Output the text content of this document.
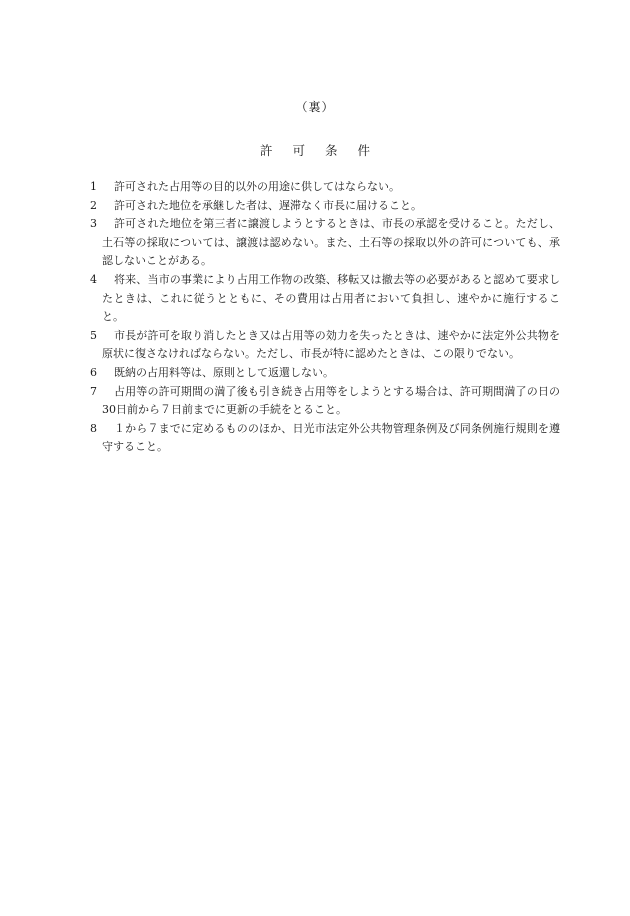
（裏）
許可条件
1	許可された占用等の目的以外の用途に供してはならない。
2	許可された地位を承継した者は、遅滞なく市長に届けること。
3	許可された地位を第三者に譲渡しようとするときは、市長の承認を受けること。ただし、土石等の採取については、譲渡は認めない。また、土石等の採取以外の許可についても、承認しないことがある。
4	将来、当市の事業により占用工作物の改築、移転又は撤去等の必要があると認めて要求したときは、これに従うとともに、その費用は占用者において負担し、速やかに施行すること。
5	市長が許可を取り消したとき又は占用等の効力を失ったときは、速やかに法定外公共物を原状に復さなければならない。ただし、市長が特に認めたときは、この限りでない。
6	既納の占用料等は、原則として返還しない。
7	占用等の許可期間の満了後も引き続き占用等をしようとする場合は、許可期間満了の日の30日前から７日前までに更新の手続をとること。
8	１から７までに定めるもののほか、日光市法定外公共物管理条例及び同条例施行規則を遵守すること。
